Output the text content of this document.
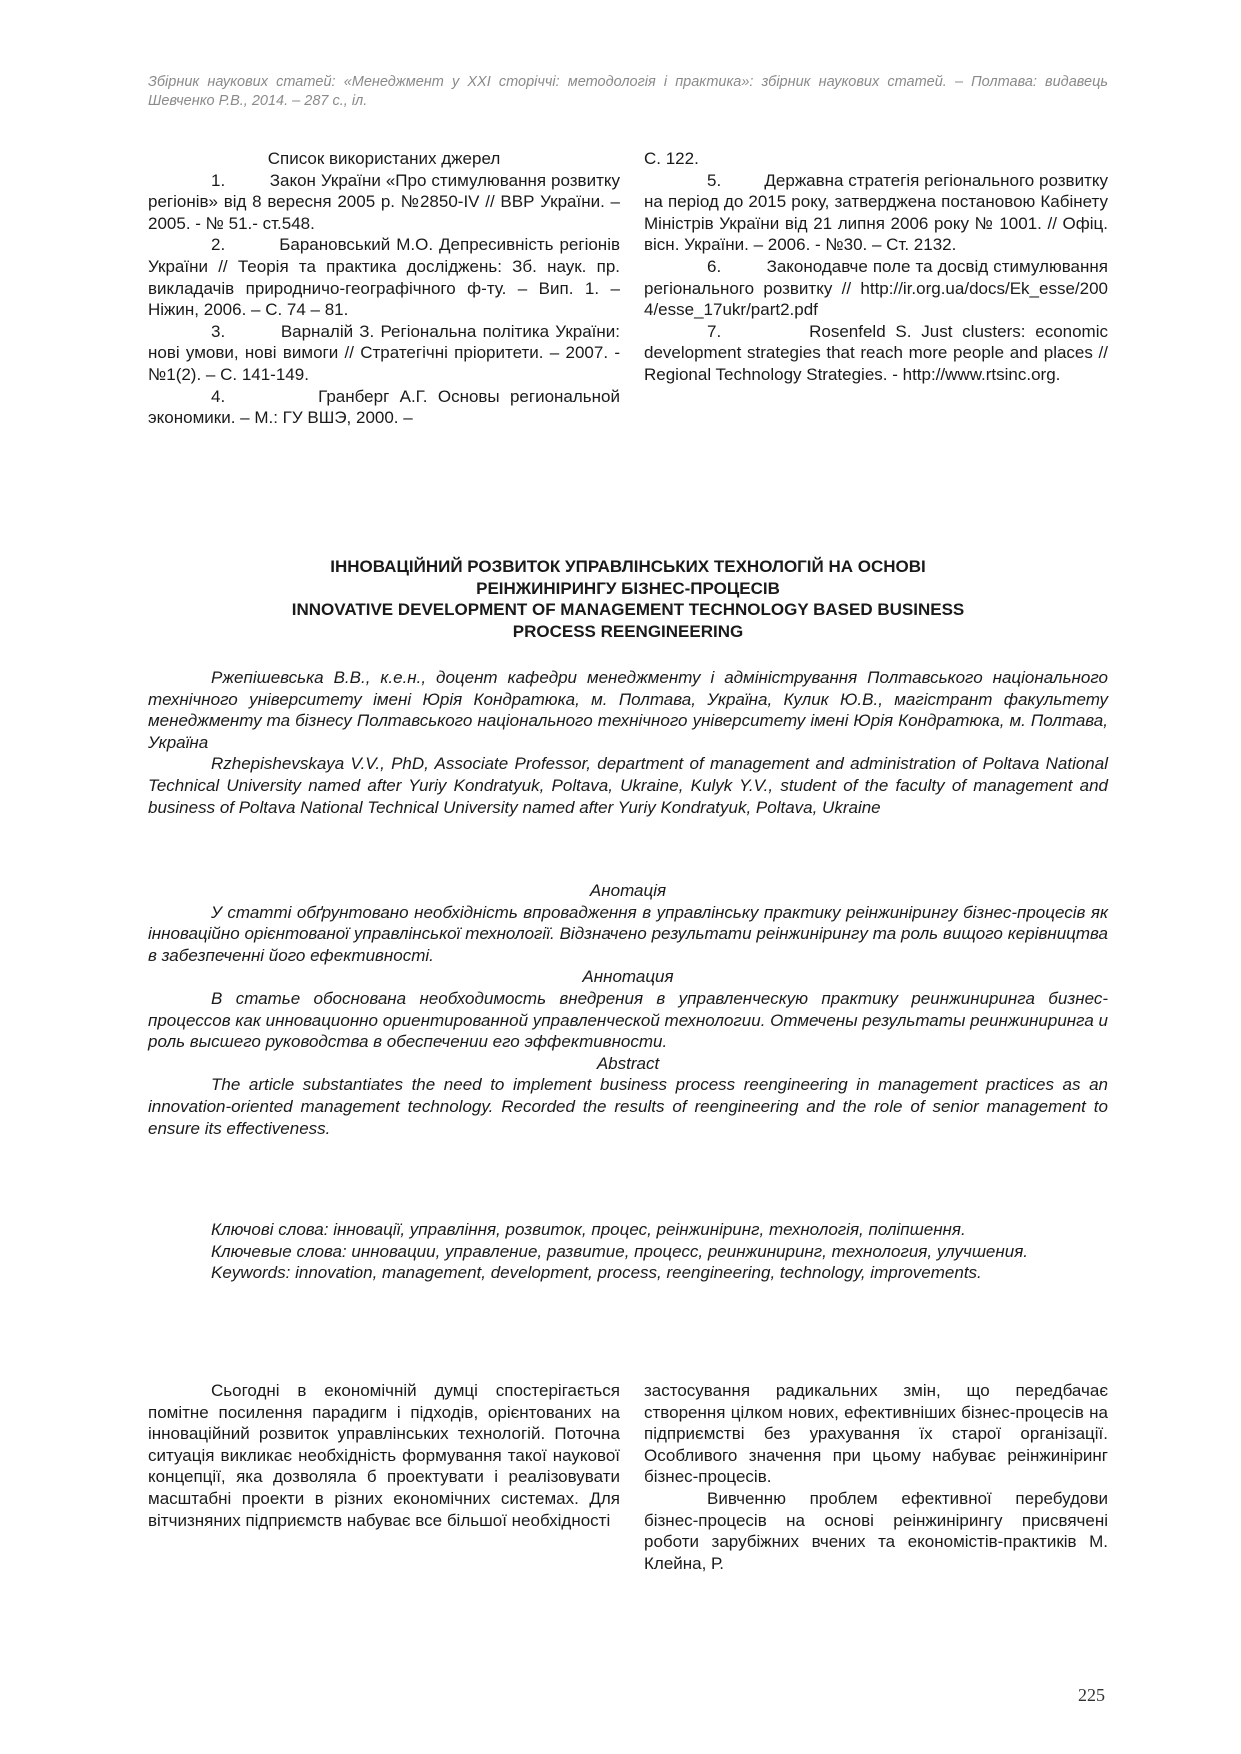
Збірник наукових статей: «Менеджмент у XXI сторіччі: методологія і практика»: збірник наукових статей. – Полтава: видавець Шевченко Р.В., 2014. – 287 с., іл.

Список використаних джерел

1.	Закон України «Про стимулювання розвитку регіонів» від 8 вересня 2005 р. №2850-IV // ВВР України. – 2005. - № 51.- ст.548.

2.	Барановський М.О. Депресивність регіонів України // Теорія та практика досліджень: Зб. наук. пр. викладачів природничо-географічного ф-ту. – Вип. 1. – Ніжин, 2006. – С. 74 – 81.

3.	Варналій З. Регіональна політика України: нові умови, нові вимоги // Стратегічні пріоритети. – 2007. - №1(2). – С. 141-149.

4.	Гранберг А.Г. Основы региональной экономики. – М.: ГУ ВШЭ, 2000. –

С. 122.

5.	Державна стратегія регіонального розвитку на період до 2015 року, затверджена постановою Кабінету Міністрів України від 21 липня 2006 року № 1001. // Офіц. вісн. України. – 2006. - №30. – Ст. 2132.

6.	Законодавче поле та досвід стимулювання регіонального розвитку // http://ir.org.ua/docs/Ek_esse/2004/esse_17ukr/part2.pdf

7.	Rosenfeld S. Just clusters: economic development strategies that reach more people and places // Regional Technology Strategies. - http://www.rtsinc.org.

ІННОВАЦІЙНИЙ РОЗВИТОК УПРАВЛІНСЬКИХ ТЕХНОЛОГІЙ НА ОСНОВІ

РЕІНЖИНІРИНГУ БІЗНЕС-ПРОЦЕСІВ

INNOVATIVE DEVELOPMENT OF MANAGEMENT TECHNOLOGY BASED BUSINESS

PROCESS REENGINEERING

Ржепішевська В.В., к.е.н., доцент кафедри менеджменту і адміністрування Полтавського національного технічного університету імені Юрія Кондратюка, м. Полтава, Україна, Кулик Ю.В., магістрант факультету менеджменту та бізнесу Полтавського національного технічного університету імені Юрія Кондратюка, м. Полтава, Україна

Rzhepishevskaya V.V., PhD, Associate Professor, department of management and administration of Poltava National Technical University named after Yuriy Kondratyuk, Poltava, Ukraine, Kulyk Y.V., student of the faculty of management and business of Poltava National Technical University named after Yuriy Kondratyuk, Poltava, Ukraine

Анотація

У статті обґрунтовано необхідність впровадження в управлінську практику реінжинірингу бізнес-процесів як інноваційно орієнтованої управлінської технології. Відзначено результати реінжинірингу та роль вищого керівництва в забезпеченні його ефективності.

Аннотация

В статье обоснована необходимость внедрения в управленческую практику реинжиниринга бизнес-процессов как инновационно ориентированной управленческой технологии. Отмечены результаты реинжиниринга и роль высшего руководства в обеспечении его эффективности.

Abstract

The article substantiates the need to implement business process reengineering in management practices as an innovation-oriented management technology. Recorded the results of reengineering and the role of senior management to ensure its effectiveness.

Ключові слова: інновації, управління, розвиток, процес, реінжиніринг, технологія, поліпшення.

Ключевые слова: инновации, управление, развитие, процесс, реинжиниринг, технология, улучшения.

Keywords: innovation, management, development, process, reengineering, technology, improvements.

Сьогодні в економічній думці спостерігається помітне посилення парадигм і підходів, орієнтованих на інноваційний розвиток управлінських технологій. Поточна ситуація викликає необхідність формування такої наукової концепції, яка дозволяла б проектувати і реалізовувати масштабні проекти в різних економічних системах. Для вітчизняних підприємств набуває все більшої необхідності

застосування радикальних змін, що передбачає створення цілком нових, ефективніших бізнес-процесів на підприємстві без урахування їх старої організації. Особливого значення при цьому набуває реінжиніринг бізнес-процесів.

Вивченню проблем ефективної перебудови бізнес-процесів на основі реінжинірингу присвячені роботи зарубіжних вчених та економістів-практиків М. Клейна, Р.

225
